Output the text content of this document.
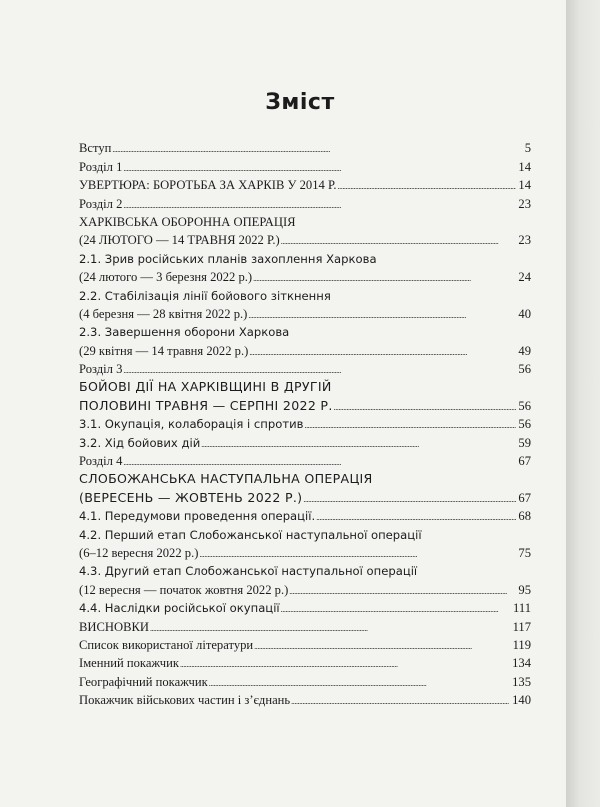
Зміст
Вступ . . .	5
Розділ 1 . . .	14
УВЕРТЮРА: БОРОТЬБА ЗА ХАРКІВ У 2014 Р. . . .	14
Розділ 2 . . .	23
ХАРКІВСЬКА ОБОРОННА ОПЕРАЦІЯ
(24 ЛЮТОГО — 14 ТРАВНЯ 2022 Р.) . . .	23
2.1. Зрив російських планів захоплення Харкова
(24 лютого — 3 березня 2022 р.) . . .	24
2.2. Стабілізація лінії бойового зіткнення
(4 березня — 28 квітня 2022 р.) . . .	40
2.3. Завершення оборони Харкова
(29 квітня — 14 травня 2022 р.) . . .	49
Розділ 3 . . .	56
БОЙОВІ ДІЇ НА ХАРКІВЩИНІ В ДРУГІЙ
ПОЛОВИНІ ТРАВНЯ — СЕРПНІ 2022 Р. . . .	56
3.1. Окупація, колаборація і спротив . . .	56
3.2. Хід бойових дій . . .	59
Розділ 4 . . .	67
СЛОБОЖАНСЬКА НАСТУПАЛЬНА ОПЕРАЦІЯ
(ВЕРЕСЕНЬ — ЖОВТЕНЬ 2022 Р.) . . .	67
4.1. Передумови проведення операції. . . .	68
4.2. Перший етап Слобожанської наступальної операції
(6–12 вересня 2022 р.) . . .	75
4.3. Другий етап Слобожанської наступальної операції
(12 вересня — початок жовтня 2022 р.) . . .	95
4.4. Наслідки російської окупації . . .	111
ВИСНОВКИ . . .	117
Список використаної літератури . . .	119
Іменний покажчик . . .	134
Географічний покажчик . . .	135
Покажчик військових частин і з’єднань . . .	140
